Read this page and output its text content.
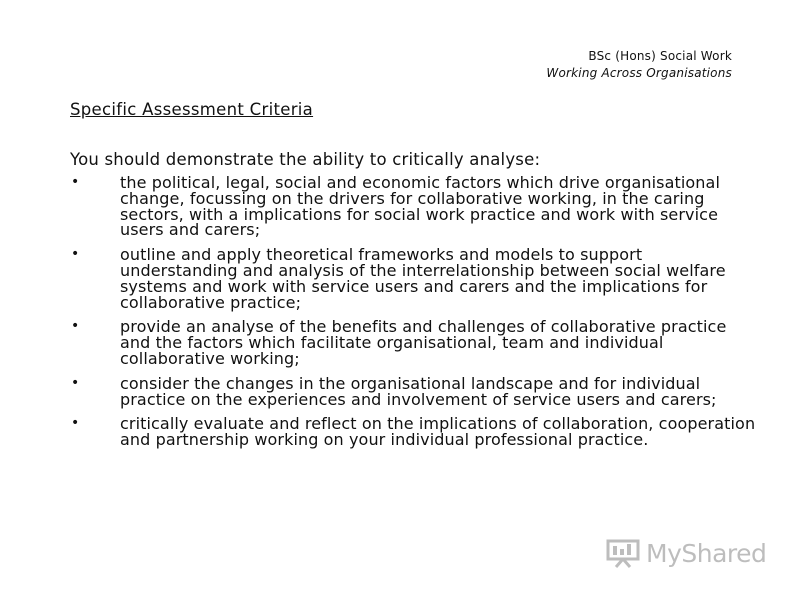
BSc (Hons) Social Work
Working Across Organisations
Specific Assessment Criteria

You should demonstrate the ability to critically analyse:

•	the political, legal, social and economic factors which drive organisational change, focussing on the drivers for collaborative working, in the caring sectors, with a implications for social work practice and work with service users and carers;
•	outline and apply theoretical frameworks and models to support understanding and analysis of the interrelationship between social welfare systems and work with service users and carers and the implications for collaborative practice;
•	provide an analyse of the benefits and challenges of collaborative practice and the factors which facilitate organisational, team and individual collaborative working;
•	consider the changes in the organisational landscape and for individual practice on the experiences and involvement of service users and carers;
•	critically evaluate and reflect on the implications of collaboration, cooperation and partnership working on your individual professional practice.
MyShared
